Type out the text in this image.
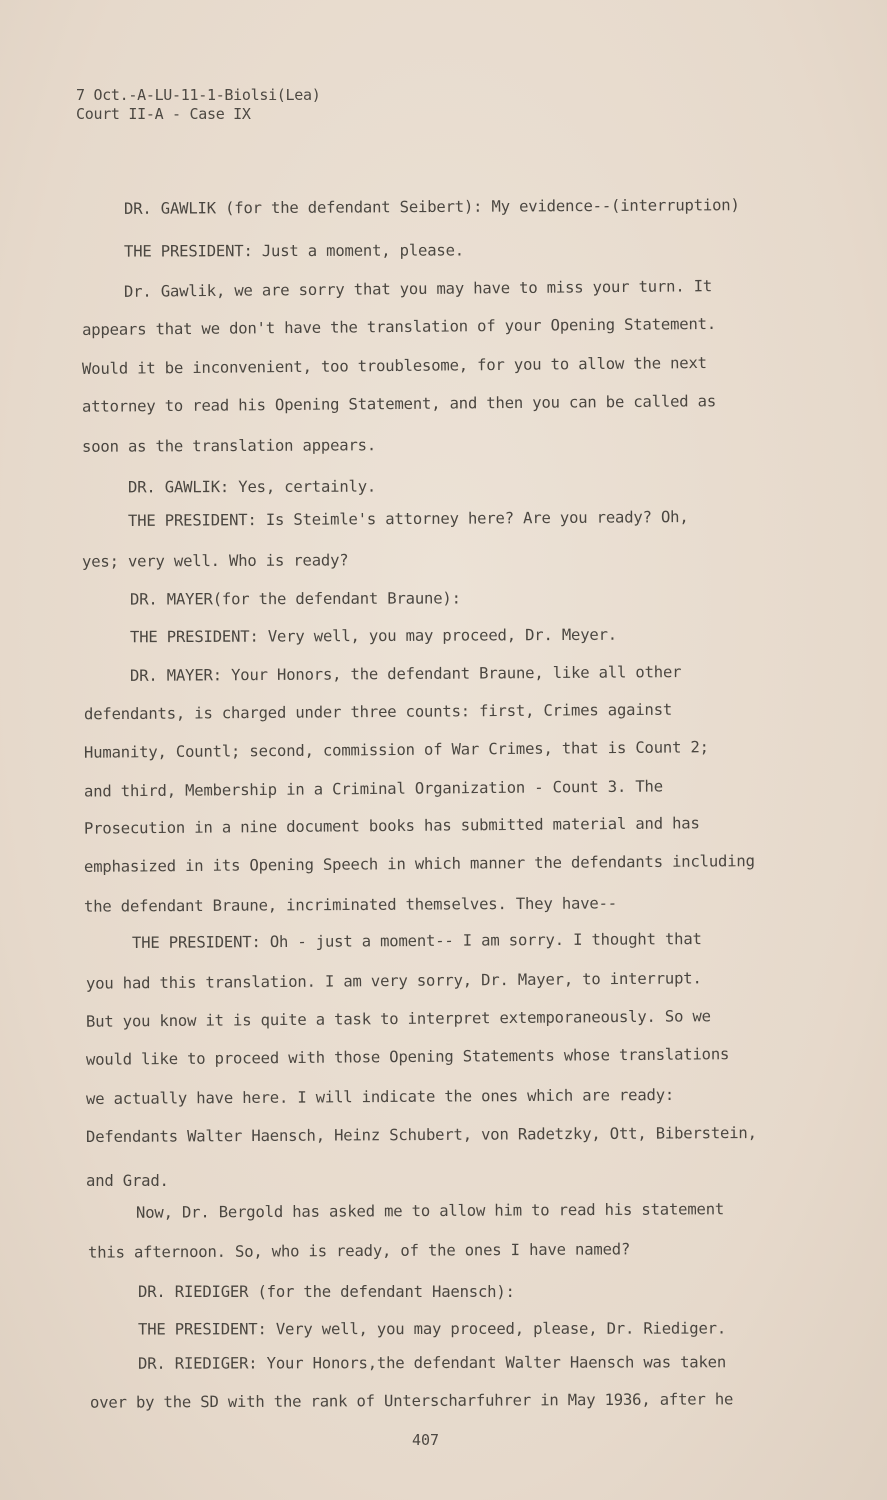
7 Oct.-A-LU-11-1-Biolsi(Lea)
Court II-A - Case IX
DR. GAWLIK (for the defendant Seibert): My evidence--(interruption)
THE PRESIDENT: Just a moment, please.
Dr. Gawlik, we are sorry that you may have to miss your turn. It
appears that we don't have the translation of your Opening Statement.
Would it be inconvenient, too troublesome, for you to allow the next
attorney to read his Opening Statement, and then you can be called as
soon as the translation appears.
DR. GAWLIK: Yes, certainly.
THE PRESIDENT: Is Steimle's attorney here? Are you ready? Oh,
yes; very well. Who is ready?
DR. MAYER(for the defendant Braune):
THE PRESIDENT: Very well, you may proceed, Dr. Meyer.
DR. MAYER: Your Honors, the defendant Braune, like all other
defendants, is charged under three counts: first, Crimes against
Humanity, Countl; second, commission of War Crimes, that is Count 2;
and third, Membership in a Criminal Organization - Count 3. The
Prosecution in a nine document books has submitted material and has
emphasized in its Opening Speech in which manner the defendants including
the defendant Braune, incriminated themselves. They have--
THE PRESIDENT: Oh - just a moment-- I am sorry. I thought that
you had this translation. I am very sorry, Dr. Mayer, to interrupt.
But you know it is quite a task to interpret extemporaneously. So we
would like to proceed with those Opening Statements whose translations
we actually have here. I will indicate the ones which are ready:
Defendants Walter Haensch, Heinz Schubert, von Radetzky, Ott, Biberstein,
and Grad.
Now, Dr. Bergold has asked me to allow him to read his statement
this afternoon. So, who is ready, of the ones I have named?
DR. RIEDIGER (for the defendant Haensch):
THE PRESIDENT: Very well, you may proceed, please, Dr. Riediger.
DR. RIEDIGER: Your Honors,the defendant Walter Haensch was taken
over by the SD with the rank of Unterscharfuhrer in May 1936, after he
407
